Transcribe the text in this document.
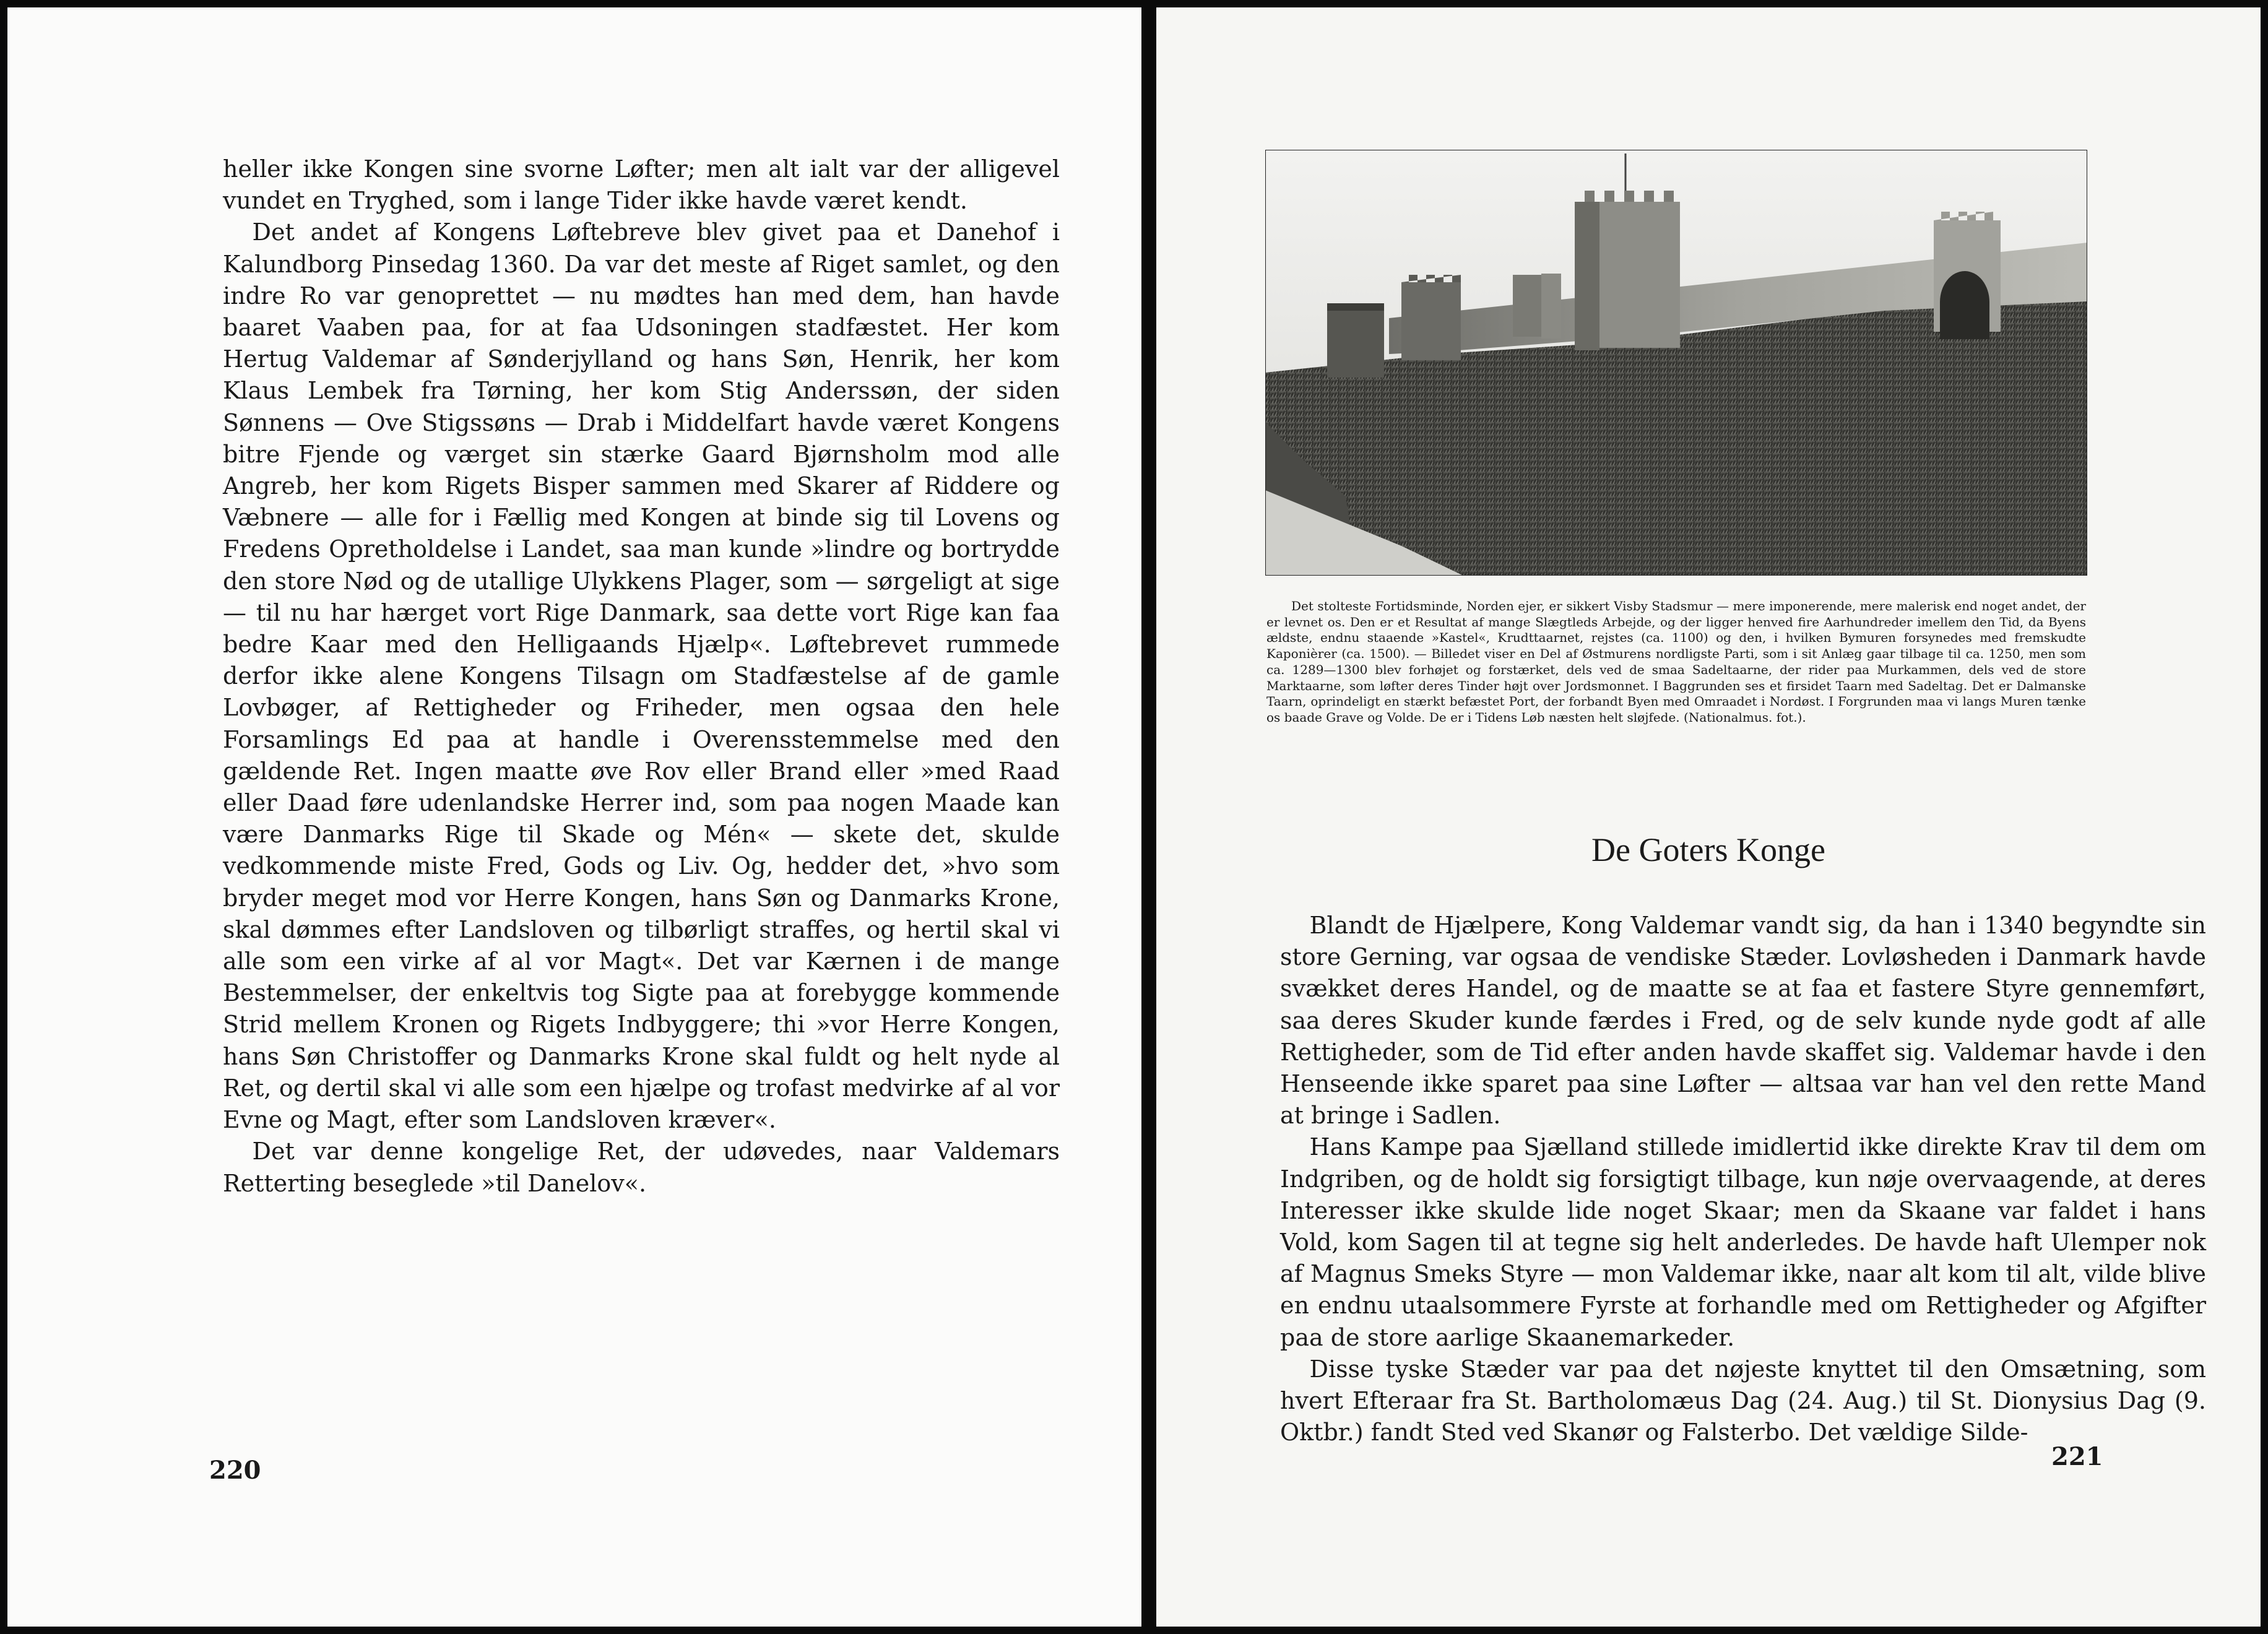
heller ikke Kongen sine svorne Løfter; men alt ialt var der alligevel vundet en Tryghed, som i lange Tider ikke havde været kendt.

Det andet af Kongens Løftebreve blev givet paa et Danehof i Kalundborg Pinsedag 1360. Da var det meste af Riget samlet, og den indre Ro var genoprettet — nu mødtes han med dem, han havde baaret Vaaben paa, for at faa Udsoningen stadfæstet. Her kom Hertug Valdemar af Sønderjylland og hans Søn, Henrik, her kom Klaus Lembek fra Tørning, her kom Stig Anderssøn, der siden Sønnens — Ove Stigssøns — Drab i Middelfart havde været Kongens bitre Fjende og værget sin stærke Gaard Bjørnsholm mod alle Angreb, her kom Rigets Bisper sammen med Skarer af Riddere og Væbnere — alle for i Fællig med Kongen at binde sig til Lovens og Fredens Opretholdelse i Landet, saa man kunde »lindre og bortrydde den store Nød og de utallige Ulykkens Plager, som — sørgeligt at sige — til nu har hærget vort Rige Danmark, saa dette vort Rige kan faa bedre Kaar med den Helligaands Hjælp«. Løftebrevet rummede derfor ikke alene Kongens Tilsagn om Stadfæstelse af de gamle Lovbøger, af Rettigheder og Friheder, men ogsaa den hele Forsamlings Ed paa at handle i Overensstemmelse med den gældende Ret. Ingen maatte øve Rov eller Brand eller »med Raad eller Daad føre udenlandske Herrer ind, som paa nogen Maade kan være Danmarks Rige til Skade og Mén« — skete det, skulde vedkommende miste Fred, Gods og Liv. Og, hedder det, »hvo som bryder meget mod vor Herre Kongen, hans Søn og Danmarks Krone, skal dømmes efter Landsloven og tilbørligt straffes, og hertil skal vi alle som een virke af al vor Magt«. Det var Kærnen i de mange Bestemmelser, der enkeltvis tog Sigte paa at forebygge kommende Strid mellem Kronen og Rigets Indbyggere; thi »vor Herre Kongen, hans Søn Christoffer og Danmarks Krone skal fuldt og helt nyde al Ret, og dertil skal vi alle som een hjælpe og trofast medvirke af al vor Evne og Magt, efter som Landsloven kræver«.

Det var denne kongelige Ret, der udøvedes, naar Valdemars Retterting beseglede »til Danelov«.

220
Det stolteste Fortidsminde, Norden ejer, er sikkert Visby Stadsmur — mere imponerende, mere malerisk end noget andet, der er levnet os. Den er et Resultat af mange Slægtleds Arbejde, og der ligger henved fire Aarhundreder imellem den Tid, da Byens ældste, endnu staaende »Kastel«, Krudttaarnet, rejstes (ca. 1100) og den, i hvilken Bymuren forsynedes med fremskudte Kaponièrer (ca. 1500). — Billedet viser en Del af Østmurens nordligste Parti, som i sit Anlæg gaar tilbage til ca. 1250, men som ca. 1289—1300 blev forhøjet og forstærket, dels ved de smaa Sadeltaarne, der rider paa Murkammen, dels ved de store Marktaarne, som løfter deres Tinder højt over Jordsmonnet. I Baggrunden ses et firsidet Taarn med Sadeltag. Det er Dalmanske Taarn, oprindeligt en stærkt befæstet Port, der forbandt Byen med Omraadet i Nordøst. I Forgrunden maa vi langs Muren tænke os baade Grave og Volde. De er i Tidens Løb næsten helt sløjfede. (Nationalmus. fot.).
De Goters Konge

Blandt de Hjælpere, Kong Valdemar vandt sig, da han i 1340 begyndte sin store Gerning, var ogsaa de vendiske Stæder. Lovløsheden i Danmark havde svækket deres Handel, og de maatte se at faa et fastere Styre gennemført, saa deres Skuder kunde færdes i Fred, og de selv kunde nyde godt af alle Rettigheder, som de Tid efter anden havde skaffet sig. Valdemar havde i den Henseende ikke sparet paa sine Løfter — altsaa var han vel den rette Mand at bringe i Sadlen.

Hans Kampe paa Sjælland stillede imidlertid ikke direkte Krav til dem om Indgriben, og de holdt sig forsigtigt tilbage, kun nøje overvaagende, at deres Interesser ikke skulde lide noget Skaar; men da Skaane var faldet i hans Vold, kom Sagen til at tegne sig helt anderledes. De havde haft Ulemper nok af Magnus Smeks Styre — mon Valdemar ikke, naar alt kom til alt, vilde blive en endnu utaalsommere Fyrste at forhandle med om Rettigheder og Afgifter paa de store aarlige Skaanemarkeder.

Disse tyske Stæder var paa det nøjeste knyttet til den Omsætning, som hvert Efteraar fra St. Bartholomæus Dag (24. Aug.) til St. Dionysius Dag (9. Oktbr.) fandt Sted ved Skanør og Falsterbo. Det vældige Silde-

221
